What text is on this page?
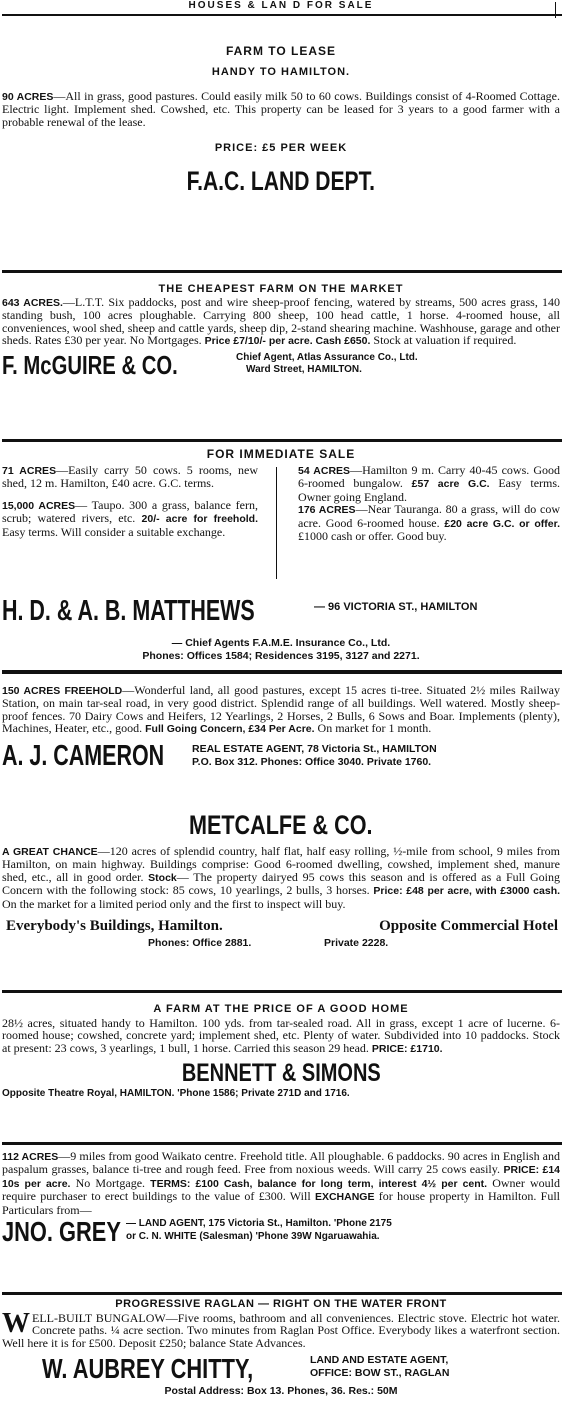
HOUSES & LAN D FOR SALE
FARM TO LEASE
HANDY TO HAMILTON.
90 ACRES—All in grass, good pastures. Could easily milk 50 to 60 cows. Buildings consist of 4-Roomed Cottage. Electric light. Implement shed. Cowshed, etc. This property can be leased for 3 years to a good farmer with a probable renewal of the lease.
PRICE: £5 PER WEEK
F.A.C. LAND DEPT.
THE CHEAPEST FARM ON THE MARKET
643 ACRES.—L.T.T. Six paddocks, post and wire sheep-proof fencing, watered by streams, 500 acres grass, 140 standing bush, 100 acres ploughable. Carrying 800 sheep, 100 head cattle, 1 horse. 4-roomed house, all conveniences, wool shed, sheep and cattle yards, sheep dip, 2-stand shearing machine. Washhouse, garage and other sheds. Rates £30 per year. No Mortgages. Price £7/10/- per acre. Cash £650. Stock at valuation if required.
F. McGUIRE & CO.	Chief Agent, Atlas Assurance Co., Ltd.
Ward Street, HAMILTON.
FOR IMMEDIATE SALE

71 ACRES—Easily carry 50 cows. 5 rooms, new shed, 12 m. Hamilton, £40 acre. G.C. terms.

15,000 ACRES— Taupo. 300 a grass, balance fern, scrub; watered rivers, etc. 20/- acre for freehold. Easy terms. Will consider a suitable exchange.

54 ACRES—Hamilton 9 m. Carry 40-45 cows. Good 6-roomed bungalow. £57 acre G.C. Easy terms. Owner going England.

176 ACRES—Near Tauranga. 80 a grass, will do cow acre. Good 6-roomed house. £20 acre G.C. or offer. £1000 cash or offer. Good buy.

H. D. & A. B. MATTHEWS	— 96 VICTORIA ST., HAMILTON
— Chief Agents F.A.M.E. Insurance Co., Ltd.
Phones: Offices 1584; Residences 3195, 3127 and 2271.
150 ACRES FREEHOLD—Wonderful land, all good pastures, except 15 acres ti-tree. Situated 2½ miles Railway Station, on main tar-seal road, in very good district. Splendid range of all buildings. Well watered. Mostly sheep-proof fences. 70 Dairy Cows and Heifers, 12 Yearlings, 2 Horses, 2 Bulls, 6 Sows and Boar. Implements (plenty), Machines, Heater, etc., good. Full Going Concern, £34 Per Acre. On market for 1 month.
A. J. CAMERON	REAL ESTATE AGENT, 78 Victoria St., HAMILTON
P.O. Box 312. Phones: Office 3040. Private 1760.
METCALFE & CO.
A GREAT CHANCE—120 acres of splendid country, half flat, half easy rolling, ½-mile from school, 9 miles from Hamilton, on main highway. Buildings comprise: Good 6-roomed dwelling, cowshed, implement shed, manure shed, etc., all in good order. Stock— The property dairyed 95 cows this season and is offered as a Full Going Concern with the following stock: 85 cows, 10 yearlings, 2 bulls, 3 horses. Price: £48 per acre, with £3000 cash. On the market for a limited period only and the first to inspect will buy.
Everybody's Buildings, Hamilton.	Opposite Commercial Hotel
Phones: Office 2881.	Private 2228.
A FARM AT THE PRICE OF A GOOD HOME
28½ acres, situated handy to Hamilton. 100 yds. from tar-sealed road. All in grass, except 1 acre of lucerne. 6-roomed house; cowshed, concrete yard; implement shed, etc. Plenty of water. Subdivided into 10 paddocks. Stock at present: 23 cows, 3 yearlings, 1 bull, 1 horse. Carried this season 29 head. PRICE: £1710.
BENNETT & SIMONS
Opposite Theatre Royal, HAMILTON. 'Phone 1586; Private 271D and 1716.
112 ACRES—9 miles from good Waikato centre. Freehold title. All ploughable. 6 paddocks. 90 acres in English and paspalum grasses, balance ti-tree and rough feed. Free from noxious weeds. Will carry 25 cows easily. PRICE: £14 10s per acre. No Mortgage. TERMS: £100 Cash, balance for long term, interest 4½ per cent. Owner would require purchaser to erect buildings to the value of £300. Will EXCHANGE for house property in Hamilton. Full Particulars from—
JNO. GREY — LAND AGENT, 175 Victoria St., Hamilton. 'Phone 2175
or C. N. WHITE (Salesman) 'Phone 39W Ngaruawahia.
PROGRESSIVE RAGLAN — RIGHT ON THE WATER FRONT
WELL-BUILT BUNGALOW—Five rooms, bathroom and all conveniences. Electric stove. Electric hot water. Concrete paths. ¼ acre section. Two minutes from Raglan Post Office. Everybody likes a waterfront section. Well here it is for £500. Deposit £250; balance State Advances.
W. AUBREY CHITTY,	LAND AND ESTATE AGENT,
OFFICE: BOW ST., RAGLAN
Postal Address: Box 13. Phones, 36. Res.: 50M
